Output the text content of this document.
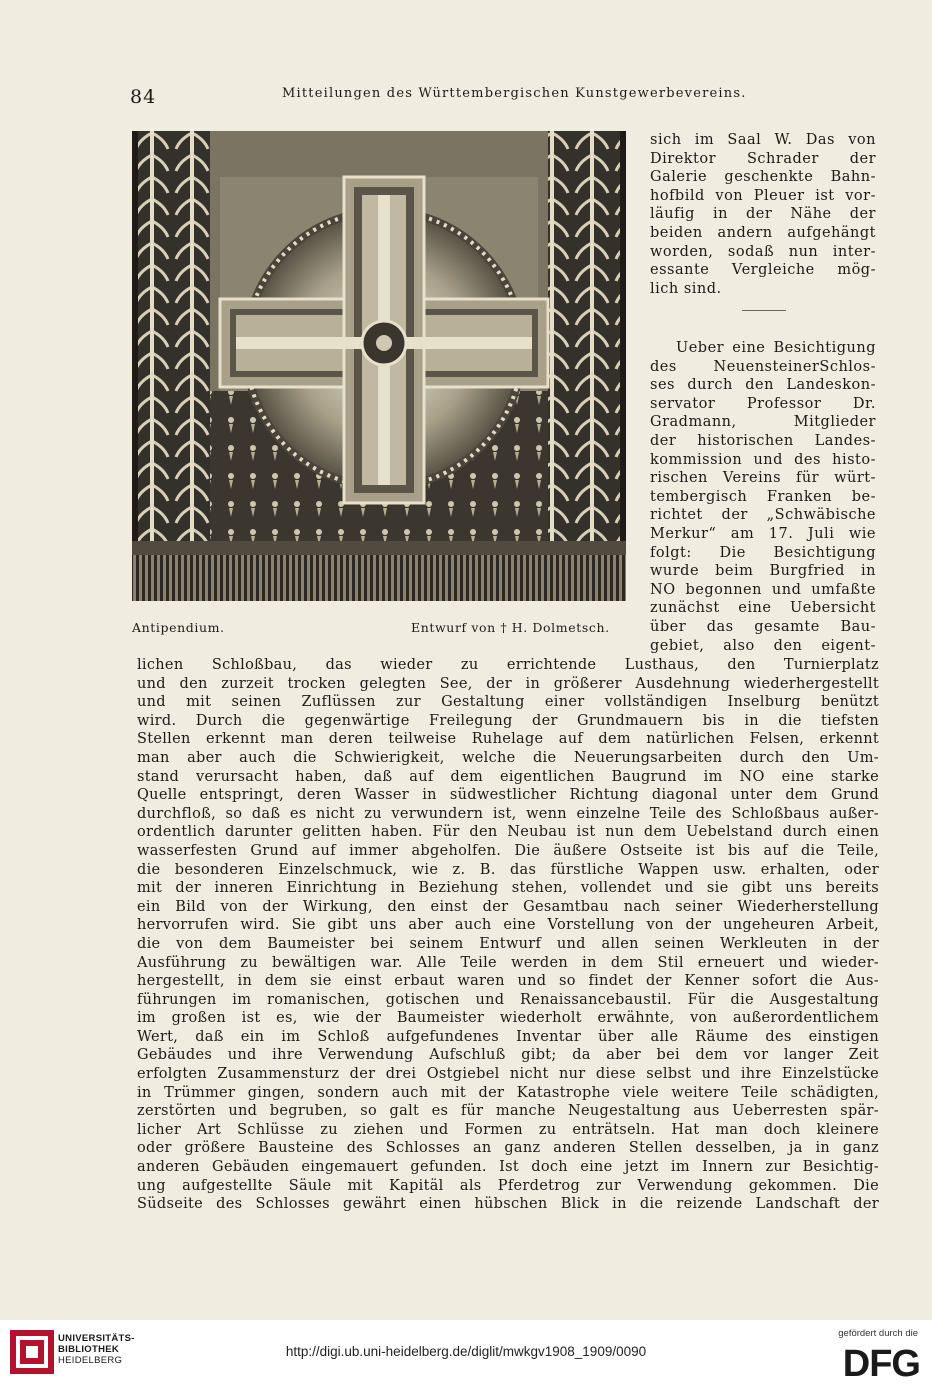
84	Mitteilungen des Württembergischen Kunstgewerbevereins.
Antipendium.	Entwurf von † H. Dolmetsch.
sich im Saal W. Das von
Direktor Schrader der
Galerie geschenkte Bahn-
hofbild von Pleuer ist vor-
läufig in der Nähe der
beiden andern aufgehängt
worden, sodaß nun inter-
essante Vergleiche mög-
lich sind.
Ueber eine Besichtigung
des NeuensteinerSchlos-
ses durch den Landeskon-
servator Professor Dr.
Gradmann, Mitglieder
der historischen Landes-
kommission und des histo-
rischen Vereins für würt-
tembergisch Franken be-
richtet der „Schwäbische
Merkur“ am 17. Juli wie
folgt: Die Besichtigung
wurde beim Burgfried in
NO begonnen und umfaßte
zunächst eine Uebersicht
über das gesamte Bau-
gebiet, also den eigent-
lichen Schloßbau, das wieder zu errichtende Lusthaus, den Turnierplatz
und den zurzeit trocken gelegten See, der in größerer Ausdehnung wiederhergestellt
und mit seinen Zuflüssen zur Gestaltung einer vollständigen Inselburg benützt
wird. Durch die gegenwärtige Freilegung der Grundmauern bis in die tiefsten
Stellen erkennt man deren teilweise Ruhelage auf dem natürlichen Felsen, erkennt
man aber auch die Schwierigkeit, welche die Neuerungsarbeiten durch den Um-
stand verursacht haben, daß auf dem eigentlichen Baugrund im NO eine starke
Quelle entspringt, deren Wasser in südwestlicher Richtung diagonal unter dem Grund
durchfloß, so daß es nicht zu verwundern ist, wenn einzelne Teile des Schloßbaus außer-
ordentlich darunter gelitten haben. Für den Neubau ist nun dem Uebelstand durch einen
wasserfesten Grund auf immer abgeholfen. Die äußere Ostseite ist bis auf die Teile,
die besonderen Einzelschmuck, wie z. B. das fürstliche Wappen usw. erhalten, oder
mit der inneren Einrichtung in Beziehung stehen, vollendet und sie gibt uns bereits
ein Bild von der Wirkung, den einst der Gesamtbau nach seiner Wiederherstellung
hervorrufen wird. Sie gibt uns aber auch eine Vorstellung von der ungeheuren Arbeit,
die von dem Baumeister bei seinem Entwurf und allen seinen Werkleuten in der
Ausführung zu bewältigen war. Alle Teile werden in dem Stil erneuert und wieder-
hergestellt, in dem sie einst erbaut waren und so findet der Kenner sofort die Aus-
führungen im romanischen, gotischen und Renaissancebaustil. Für die Ausgestaltung
im großen ist es, wie der Baumeister wiederholt erwähnte, von außerordentlichem
Wert, daß ein im Schloß aufgefundenes Inventar über alle Räume des einstigen
Gebäudes und ihre Verwendung Aufschluß gibt; da aber bei dem vor langer Zeit
erfolgten Zusammensturz der drei Ostgiebel nicht nur diese selbst und ihre Einzelstücke
in Trümmer gingen, sondern auch mit der Katastrophe viele weitere Teile schädigten,
zerstörten und begruben, so galt es für manche Neugestaltung aus Ueberresten spär-
licher Art Schlüsse zu ziehen und Formen zu enträtseln. Hat man doch kleinere
oder größere Bausteine des Schlosses an ganz anderen Stellen desselben, ja in ganz
anderen Gebäuden eingemauert gefunden. Ist doch eine jetzt im Innern zur Besichtig-
ung aufgestellte Säule mit Kapitäl als Pferdetrog zur Verwendung gekommen. Die
Südseite des Schlosses gewährt einen hübschen Blick in die reizende Landschaft der
UNIVERSITÄTS-
BIBLIOTHEK
HEIDELBERG
http://digi.ub.uni-heidelberg.de/diglit/mwkgv1908_1909/0090
gefördert durch die
DFG
